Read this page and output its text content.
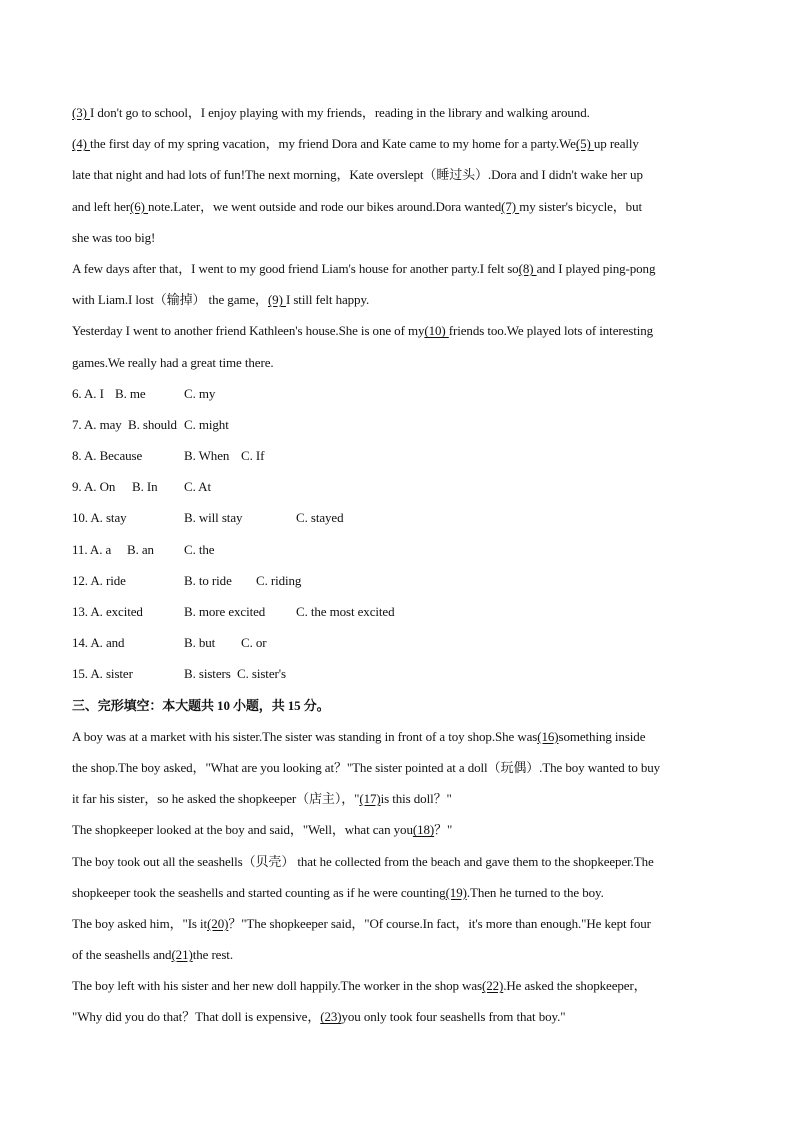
(3) I don't go to school，I enjoy playing with my friends，reading in the library and walking around.
(4) the first day of my spring vacation，my friend Dora and Kate came to my home for a party.We(5) up really
late that night and had lots of fun!The next morning，Kate overslept（睡过头）.Dora and I didn't wake her up
and left her(6) note.Later，we went outside and rode our bikes around.Dora wanted(7) my sister's bicycle，but
she was too big!
A few days after that，I went to my good friend Liam's house for another party.I felt so(8) and I played ping-pong
with Liam.I lost（输掉） the game，(9) I still felt happy.
Yesterday I went to another friend Kathleen's house.She is one of my(10) friends too.We played lots of interesting
games.We really had a great time there.
6. A. I B. me	C. my
7. A. may B. should C. might
8. A. Because	B. When C. If
9. A. On B. In C. At
10. A. stay	B. will stay	C. stayed
11. A. a B. an C. the
12. A. ride	B. to ride C. riding
13. A. excited	B. more excited C. the most excited
14. A. and	B. but C. or
15. A. sister	B. sisters C. sister's
三、完形填空：本大题共 10 小题，共 15 分。
A boy was at a market with his sister.The sister was standing in front of a toy shop.She was(16)something inside
the shop.The boy asked，"What are you looking at？"The sister pointed at a doll（玩偶）.The boy wanted to buy
it far his sister，so he asked the shopkeeper（店主），"(17)is this doll？"
The shopkeeper looked at the boy and said，"Well，what can you(18)？"
The boy took out all the seashells（贝壳） that he collected from the beach and gave them to the shopkeeper.The
shopkeeper took the seashells and started counting as if he were counting(19).Then he turned to the boy.
The boy asked him，"Is it(20)？"The shopkeeper said，"Of course.In fact，it's more than enough."He kept four
of the seashells and(21)the rest.
The boy left with his sister and her new doll happily.The worker in the shop was(22).He asked the shopkeeper，
"Why did you do that？That doll is expensive，(23)you only took four seashells from that boy."
